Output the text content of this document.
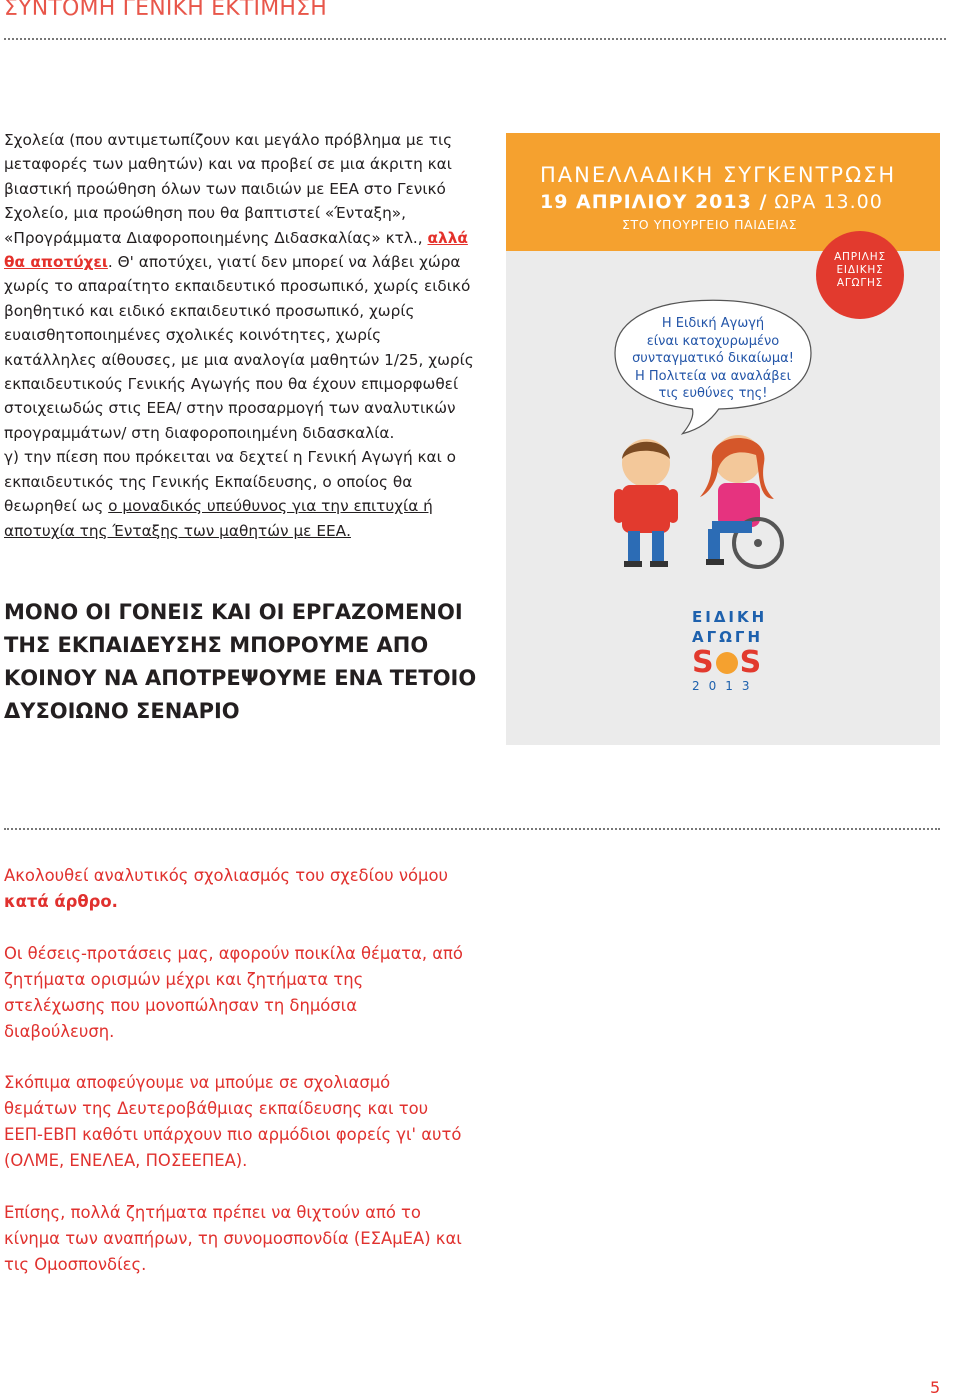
ΣΥΝΤΟΜΗ ΓΕΝΙΚΗ ΕΚΤΙΜΗΣΗ
Σχολεία (που αντιμετωπίζουν και μεγάλο πρόβλημα με τις μεταφορές των μαθητών) και να προβεί σε μια άκριτη και βιαστική προώθηση όλων των παιδιών με ΕΕΑ στο Γενικό Σχολείο, μια προώθηση που θα βαπτιστεί «Ένταξη», «Προγράμματα Διαφοροποιημένης Διδασκαλίας» κτλ., αλλά θα αποτύχει. Θ' αποτύχει, γιατί δεν μπορεί να λάβει χώρα χωρίς το απαραίτητο εκπαιδευτικό προσωπικό, χωρίς ειδικό βοηθητικό και ειδικό εκπαιδευτικό προσωπικό, χωρίς ευαισθητοποιημένες σχολικές κοινότητες, χωρίς κατάλληλες αίθουσες, με μια αναλογία μαθητών 1/25, χωρίς εκπαιδευτικούς Γενικής Αγωγής που θα έχουν επιμορφωθεί στοιχειωδώς στις ΕΕΑ/ στην προσαρμογή των αναλυτικών προγραμμάτων/ στη διαφοροποιημένη διδασκαλία.
γ) την πίεση που πρόκειται να δεχτεί η Γενική Αγωγή και ο εκπαιδευτικός της Γενικής Εκπαίδευσης, ο οποίος θα θεωρηθεί ως ο μοναδικός υπεύθυνος για την επιτυχία ή αποτυχία της Ένταξης των μαθητών με ΕΕΑ.
ΜΟΝΟ ΟΙ ΓΟΝΕΙΣ ΚΑΙ ΟΙ ΕΡΓΑΖΟΜΕΝΟΙ ΤΗΣ ΕΚΠΑΙΔΕΥΣΗΣ ΜΠΟΡΟΥΜΕ ΑΠΟ ΚΟΙΝΟΥ ΝΑ ΑΠΟΤΡΕΨΟΥΜΕ ΕΝΑ ΤΕΤΟΙΟ ΔΥΣΟΙΩΝΟ ΣΕΝΑΡΙΟ
ΠΑΝΕΛΛΑΔΙΚΗ ΣΥΓΚΕΝΤΡΩΣΗ
19 ΑΠΡΙΛΙΟΥ 2013 / ΩΡΑ 13.00
ΣΤΟ ΥΠΟΥΡΓΕΙΟ ΠΑΙΔΕΙΑΣ
ΑΠΡΙΛΗΣ
ΕΙΔΙΚΗΣ
ΑΓΩΓΗΣ
Η Ειδική Αγωγή
είναι κατοχυρωμένο
συνταγματικό δικαίωμα!
Η Πολιτεία να αναλάβει
τις ευθύνες της!
ΕΙΔΙΚΗ
ΑΓΩΓΗ
S S
2013
Ακολουθεί αναλυτικός σχολιασμός του σχεδίου νόμου κατά άρθρο.
Οι θέσεις-προτάσεις μας, αφορούν ποικίλα θέματα, από ζητήματα ορισμών μέχρι και ζητήματα της στελέχωσης που μονοπώλησαν τη δημόσια διαβούλευση.
Σκόπιμα αποφεύγουμε να μπούμε σε σχολιασμό θεμάτων της Δευτεροβάθμιας εκπαίδευσης και του ΕΕΠ-ΕΒΠ καθότι υπάρχουν πιο αρμόδιοι φορείς γι' αυτό (ΟΛΜΕ, ΕΝΕΛΕΑ, ΠΟΣΕΕΠΕΑ).
Επίσης, πολλά ζητήματα πρέπει να θιχτούν από το κίνημα των αναπήρων, τη συνομοσπονδία (ΕΣΑμΕΑ) και τις Ομοσπονδίες.
5
